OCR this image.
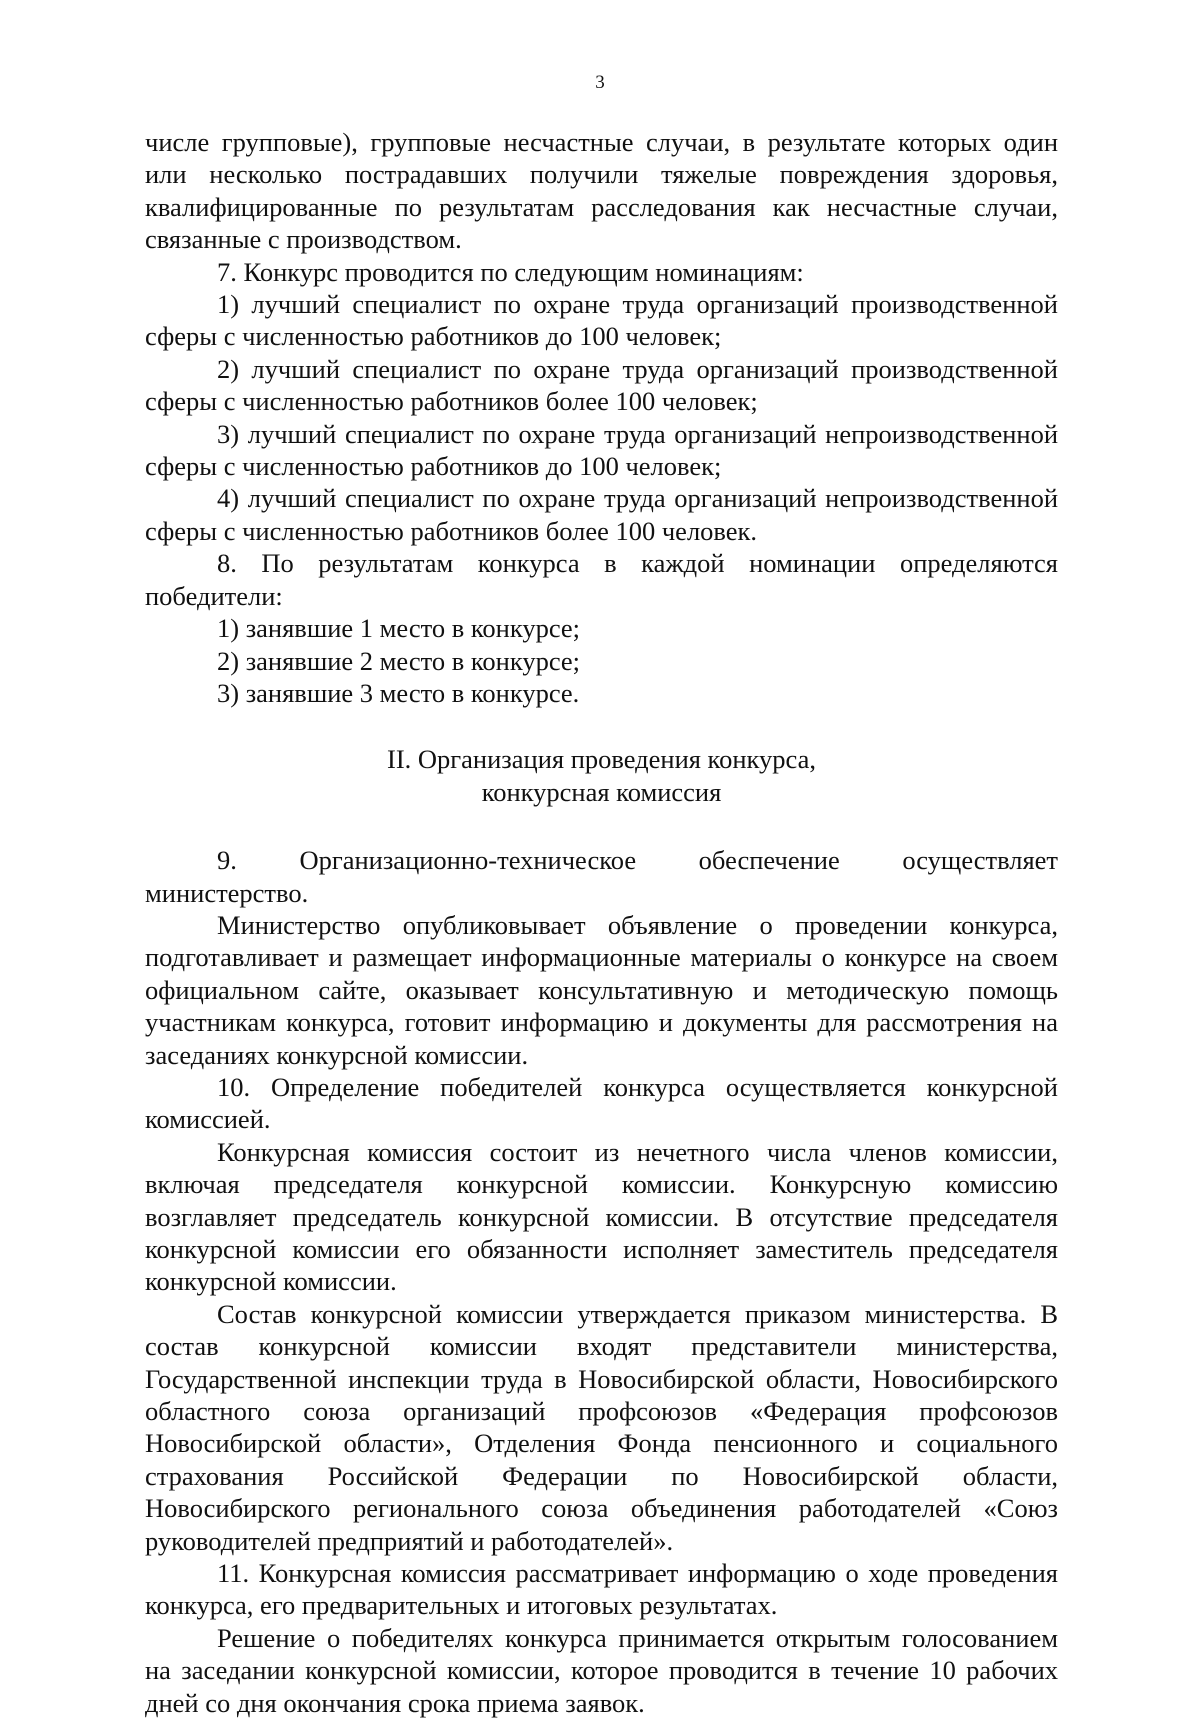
3

числе групповые), групповые несчастные случаи, в результате которых один или несколько пострадавших получили тяжелые повреждения здоровья, квалифицированные по результатам расследования как несчастные случаи, связанные с производством.

7. Конкурс проводится по следующим номинациям:

1) лучший специалист по охране труда организаций производственной сферы с численностью работников до 100 человек;

2) лучший специалист по охране труда организаций производственной сферы с численностью работников более 100 человек;

3) лучший специалист по охране труда организаций непроизводственной сферы с численностью работников до 100 человек;

4) лучший специалист по охране труда организаций непроизводственной сферы с численностью работников более 100 человек.

8. По результатам конкурса в каждой номинации определяются победители:

1) занявшие 1 место в конкурсе;

2) занявшие 2 место в конкурсе;

3) занявшие 3 место в конкурсе.

II. Организация проведения конкурса,
конкурсная комиссия

9. Организационно-техническое обеспечение осуществляет министерство.

Министерство опубликовывает объявление о проведении конкурса, подготавливает и размещает информационные материалы о конкурсе на своем официальном сайте, оказывает консультативную и методическую помощь участникам конкурса, готовит информацию и документы для рассмотрения на заседаниях конкурсной комиссии.

10. Определение победителей конкурса осуществляется конкурсной комиссией.

Конкурсная комиссия состоит из нечетного числа членов комиссии, включая председателя конкурсной комиссии. Конкурсную комиссию возглавляет председатель конкурсной комиссии. В отсутствие председателя конкурсной комиссии его обязанности исполняет заместитель председателя конкурсной комиссии.

Состав конкурсной комиссии утверждается приказом министерства. В состав конкурсной комиссии входят представители министерства, Государственной инспекции труда в Новосибирской области, Новосибирского областного союза организаций профсоюзов «Федерация профсоюзов Новосибирской области», Отделения Фонда пенсионного и социального страхования Российской Федерации по Новосибирской области, Новосибирского регионального союза объединения работодателей «Союз руководителей предприятий и работодателей».

11. Конкурсная комиссия рассматривает информацию о ходе проведения конкурса, его предварительных и итоговых результатах.

Решение о победителях конкурса принимается открытым голосованием на заседании конкурсной комиссии, которое проводится в течение 10 рабочих дней со дня окончания срока приема заявок.
